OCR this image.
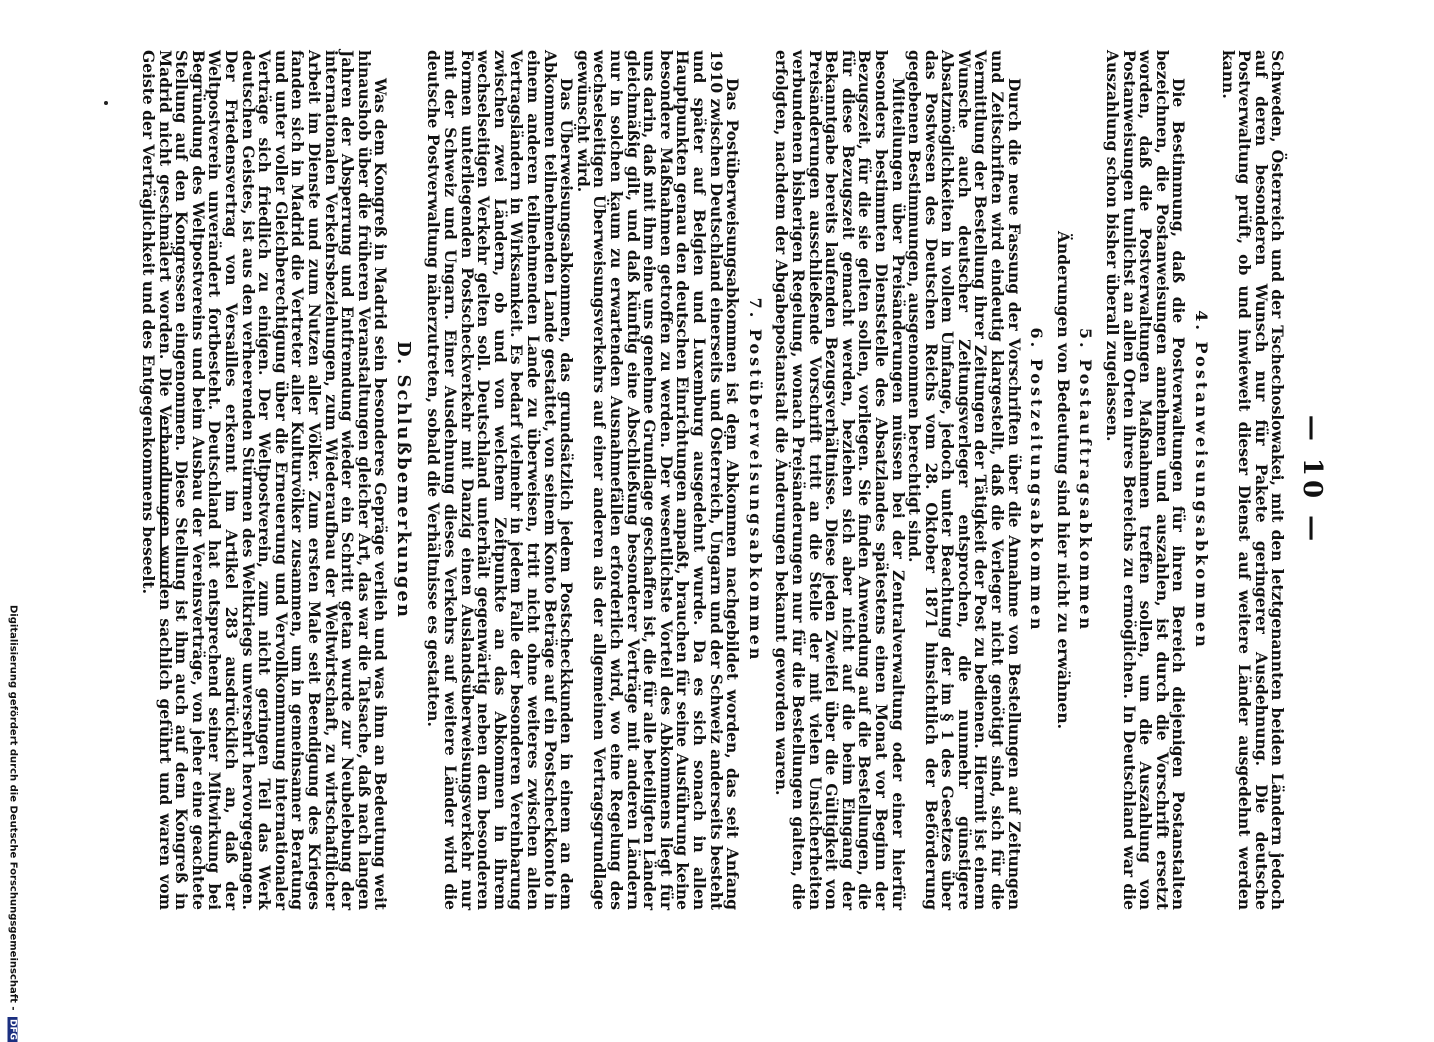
— 10 —

Schweden, Österreich und der Tschechoslowakei, mit den letztgenannten beiden Ländern jedoch auf deren besonderen Wunsch nur für Pakete geringerer Ausdehnung. Die deutsche Postverwaltung prüft, ob und inwieweit dieser Dienst auf weitere Länder ausgedehnt werden kann.

4. Postanweisungsabkommen

Die Bestimmung, daß die Postverwaltungen für ihren Bereich diejenigen Postanstalten bezeichnen, die Postanweisungen annehmen und auszahlen, ist durch die Vorschrift ersetzt worden, daß die Postverwaltungen Maßnahmen treffen sollen, um die Auszahlung von Postanweisungen tunlichst an allen Orten ihres Bereichs zu ermöglichen. In Deutschland war die Auszahlung schon bisher überall zugelassen.

5. Postauftragsabkommen
Änderungen von Bedeutung sind hier nicht zu erwähnen.
6. Postzeitungsabkommen

Durch die neue Fassung der Vorschriften über die Annahme von Bestellungen auf Zeitungen und Zeitschriften wird eindeutig klargestellt, daß die Verleger nicht genötigt sind, sich für die Vermittlung der Bestellung ihrer Zeitungen der Tätigkeit der Post zu bedienen. Hiermit ist einem Wunsche auch deutscher Zeitungsverleger entsprochen, die nunmehr günstigere Absatzmöglichkeiten in vollem Umfange, jedoch unter Beachtung der im § 1 des Gesetzes über das Postwesen des Deutschen Reichs vom 28. Oktober 1871 hinsichtlich der Beförderung gegebenen Bestimmungen, ausgenommen berechtigt sind.

Mitteilungen über Preisänderungen müssen bei der Zentralverwaltung oder einer hierfür besonders bestimmten Dienststelle des Absatzlandes spätestens einen Monat vor Beginn der Bezugszeit, für die sie gelten sollen, vorliegen. Sie finden Anwendung auf die Bestellungen, die für diese Bezugszeit gemacht werden, beziehen sich aber nicht auf die beim Eingang der Bekanntgabe bereits laufenden Bezugsverhältnisse. Diese jeden Zweifel über die Gültigkeit von Preisänderungen ausschließende Vorschrift tritt an die Stelle der mit vielen Unsicherheiten verbundenen bisherigen Regelung, wonach Preisänderungen nur für die Bestellungen galten, die erfolgten, nachdem der Abgabepostanstalt die Änderungen bekannt geworden waren.

7. Postüberweisungsabkommen

Das Postüberweisungsabkommen ist dem Abkommen nachgebildet worden, das seit Anfang 1910 zwischen Deutschland einerseits und Österreich, Ungarn und der Schweiz anderseits besteht und später auf Belgien und Luxemburg ausgedehnt wurde. Da es sich sonach in allen Hauptpunkten genau den deutschen Einrichtungen anpaßt, brauchen für seine Ausführung keine besondere Maßnahmen getroffen zu werden. Der wesentlichste Vorteil des Abkommens liegt für uns darin, daß mit ihm eine uns genehme Grundlage geschaffen ist, die für alle beteiligten Länder gleichmäßig gilt, und daß künftig eine Abschließung besonderer Verträge mit anderen Ländern nur in solchen kaum zu erwartenden Ausnahmefällen erforderlich wird, wo eine Regelung des wechselseitigen Überweisungsverkehrs auf einer anderen als der allgemeinen Vertragsgrundlage gewünscht wird.

Das Überweisungsabkommen, das grundsätzlich jedem Postscheckkunden in einem an dem Abkommen teilnehmenden Lande gestattet, von seinem Konto Beträge auf ein Postscheckkonto in einem anderen teilnehmenden Lande zu überweisen, tritt nicht ohne weiteres zwischen allen Vertragsländern in Wirksamkeit. Es bedarf vielmehr in jedem Falle der besonderen Vereinbarung zwischen zwei Ländern, ob und von welchem Zeitpunkte an das Abkommen in ihrem wechselseitigen Verkehr gelten soll. Deutschland unterhält gegenwärtig neben dem besonderen Formen unterliegenden Postscheckverkehr mit Danzig einen Auslandsüberweisungsverkehr nur mit der Schweiz und Ungarn. Einer Ausdehnung dieses Verkehrs auf weitere Länder wird die deutsche Postverwaltung näherzutreten, sobald die Verhältnisse es gestatten.

D. Schlußbemerkungen

Was dem Kongreß in Madrid sein besonderes Gepräge verlieh und was ihm an Bedeutung weit hinaushob über die früheren Veranstaltungen gleicher Art, das war die Tatsache, daß nach langen Jahren der Absperrung und Entfremdung wieder ein Schritt getan wurde zur Neubelebung der internationalen Verkehrsbeziehungen, zum Wiederaufbau der Weltwirtschaft, zu wirtschaftlicher Arbeit im Dienste und zum Nutzen aller Völker. Zum ersten Male seit Beendigung des Krieges fanden sich in Madrid die Vertreter aller Kulturvölker zusammen, um in gemeinsamer Beratung und unter voller Gleichberechtigung über die Erneuerung und Vervollkommnung internationaler Verträge sich friedlich zu einigen. Der Weltpostverein, zum nicht geringen Teil das Werk deutschen Geistes, ist aus den verheerenden Stürmen des Weltkriegs unversehrt hervorgegangen. Der Friedensvertrag von Versailles erkennt im Artikel 283 ausdrücklich an, daß der Weltpostverein unverändert fortbesteht. Deutschland hat entsprechend seiner Mitwirkung bei Begründung des Weltpostvereins und beim Ausbau der Vereinsverträge, von jeher eine geachtete Stellung auf den Kongressen eingenommen. Diese Stellung ist ihm auch auf dem Kongreß in Madrid nicht geschmälert worden. Die Verhandlungen wurden sachlich geführt und waren vom Geiste der Verträglichkeit und des Entgegenkommens beseelt.

Digitalisierung gefördert durch die Deutsche Forschungsgemeinschaft - DFG
